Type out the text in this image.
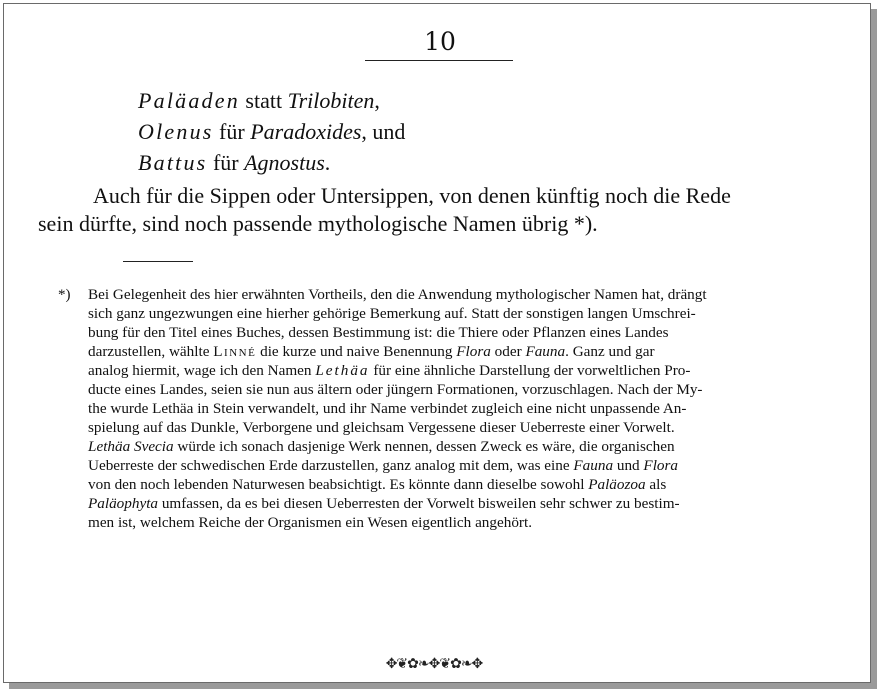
10
Paläaden statt Trilobiten,
Olenus für Paradoxides, und
Battus für Agnostus.
Auch für die Sippen oder Untersippen, von denen künftig noch die Rede
sein dürfte, sind noch passende mythologische Namen übrig *).
*) Bei Gelegenheit des hier erwähnten Vortheils, den die Anwendung mythologischer Namen hat, drängt
sich ganz ungezwungen eine hierher gehörige Bemerkung auf. Statt der sonstigen langen Umschrei-
bung für den Titel eines Buches, dessen Bestimmung ist: die Thiere oder Pflanzen eines Landes
darzustellen, wählte Linné die kurze und naive Benennung Flora oder Fauna. Ganz und gar
analog hiermit, wage ich den Namen Lethäa für eine ähnliche Darstellung der vorweltlichen Pro-
ducte eines Landes, seien sie nun aus ältern oder jüngern Formationen, vorzuschlagen. Nach der My-
the wurde Lethäa in Stein verwandelt, und ihr Name verbindet zugleich eine nicht unpassende An-
spielung auf das Dunkle, Verborgene und gleichsam Vergessene dieser Ueberreste einer Vorwelt.
Lethäa Svecia würde ich sonach dasjenige Werk nennen, dessen Zweck es wäre, die organischen
Ueberreste der schwedischen Erde darzustellen, ganz analog mit dem, was eine Fauna und Flora
von den noch lebenden Naturwesen beabsichtigt. Es könnte dann dieselbe sowohl Paläozoa als
Paläophyta umfassen, da es bei diesen Ueberresten der Vorwelt bisweilen sehr schwer zu bestim-
men ist, welchem Reiche der Organismen ein Wesen eigentlich angehört.
✥❦✿❧✥❦✿❧✥
